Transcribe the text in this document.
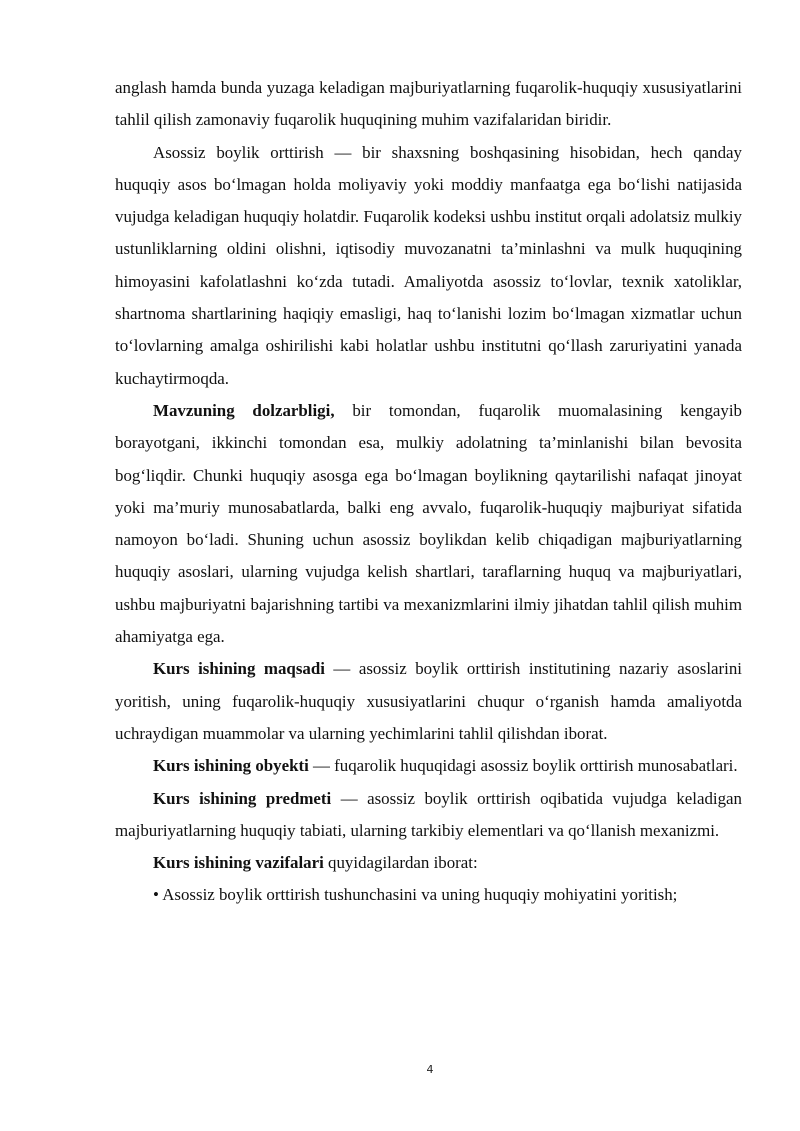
anglash hamda bunda yuzaga keladigan majburiyatlarning fuqarolik-huquqiy xususiyatlarini tahlil qilish zamonaviy fuqarolik huquqining muhim vazifalaridan biridir.

Asossiz boylik orttirish — bir shaxsning boshqasining hisobidan, hech qanday huquqiy asos bo‘lmagan holda moliyaviy yoki moddiy manfaatga ega bo‘lishi natijasida vujudga keladigan huquqiy holatdir. Fuqarolik kodeksi ushbu institut orqali adolatsiz mulkiy ustunliklarning oldini olishni, iqtisodiy muvozanatni ta’minlashni va mulk huquqining himoyasini kafolatlashni ko‘zda tutadi. Amaliyotda asossiz to‘lovlar, texnik xatoliklar, shartnoma shartlarining haqiqiy emasligi, haq to‘lanishi lozim bo‘lmagan xizmatlar uchun to‘lovlarning amalga oshirilishi kabi holatlar ushbu institutni qo‘llash zaruriyatini yanada kuchaytirmoqda.

Mavzuning dolzarbligi, bir tomondan, fuqarolik muomalasining kengayib borayotgani, ikkinchi tomondan esa, mulkiy adolatning ta’minlanishi bilan bevosita bog‘liqdir. Chunki huquqiy asosga ega bo‘lmagan boylikning qaytarilishi nafaqat jinoyat yoki ma’muriy munosabatlarda, balki eng avvalo, fuqarolik-huquqiy majburiyat sifatida namoyon bo‘ladi. Shuning uchun asossiz boylikdan kelib chiqadigan majburiyatlarning huquqiy asoslari, ularning vujudga kelish shartlari, taraflarning huquq va majburiyatlari, ushbu majburiyatni bajarishning tartibi va mexanizmlarini ilmiy jihatdan tahlil qilish muhim ahamiyatga ega.

Kurs ishining maqsadi — asossiz boylik orttirish institutining nazariy asoslarini yoritish, uning fuqarolik-huquqiy xususiyatlarini chuqur o‘rganish hamda amaliyotda uchraydigan muammolar va ularning yechimlarini tahlil qilishdan iborat.

Kurs ishining obyekti — fuqarolik huquqidagi asossiz boylik orttirish munosabatlari.

Kurs ishining predmeti — asossiz boylik orttirish oqibatida vujudga keladigan majburiyatlarning huquqiy tabiati, ularning tarkibiy elementlari va qo‘llanish mexanizmi.

Kurs ishining vazifalari quyidagilardan iborat:

• Asossiz boylik orttirish tushunchasini va uning huquqiy mohiyatini yoritish;

4
